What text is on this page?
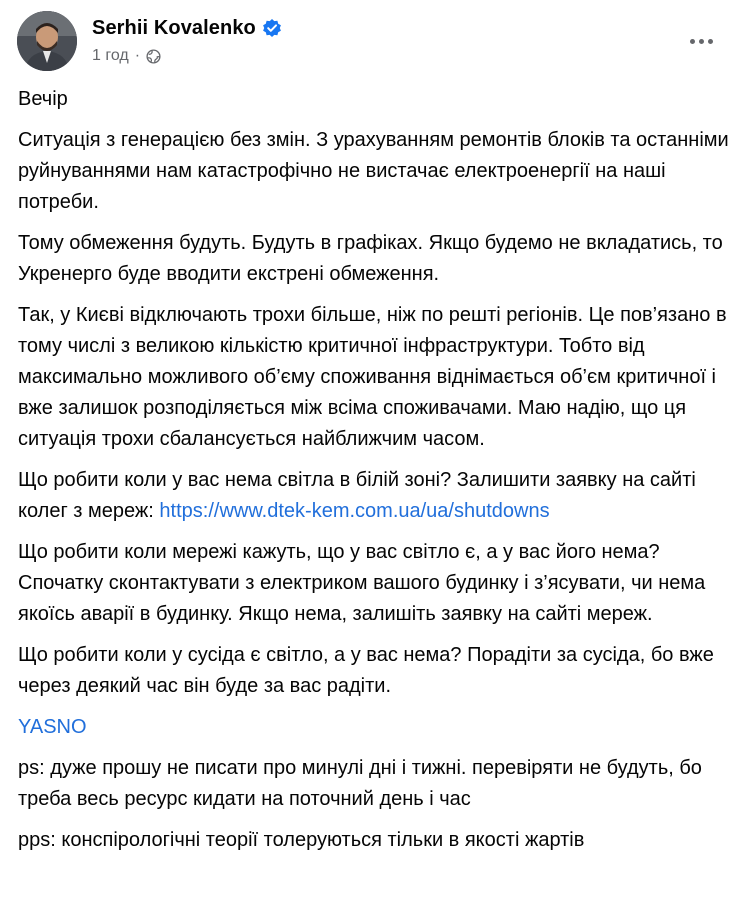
Serhii Kovalenko
1 год ·

Вечір

Ситуація з генерацією без змін. З урахуванням ремонтів блоків та останніми руйнуваннями нам катастрофічно не вистачає електроенергії на наші потреби.

Тому обмеження будуть. Будуть в графіках. Якщо будемо не вкладатись, то Укренерго буде вводити екстрені обмеження.

Так, у Києві відключають трохи більше, ніж по решті регіонів. Це пов’язано в тому числі з великою кількістю критичної інфраструктури. Тобто від максимально можливого об’єму споживання віднімається об’єм критичної і вже залишок розподіляється між всіма споживачами. Маю надію, що ця ситуація трохи сбалансується найближчим часом.

Що робити коли у вас нема світла в білій зоні? Залишити заявку на сайті колег з мереж: https://www.dtek-kem.com.ua/ua/shutdowns

Що робити коли мережі кажуть, що у вас світло є, а у вас його нема? Спочатку сконтактувати з електриком вашого будинку і з’ясувати, чи нема якоїсь аварії в будинку. Якщо нема, залишіть заявку на сайті мереж.

Що робити коли у сусіда є світло, а у вас нема? Порадіти за сусіда, бо вже через деякий час він буде за вас радіти.

YASNO

ps: дуже прошу не писати про минулі дні і тижні. перевіряти не будуть, бо треба весь ресурс кидати на поточний день і час

pps: конспірологічні теорії толеруються тільки в якості жартів
